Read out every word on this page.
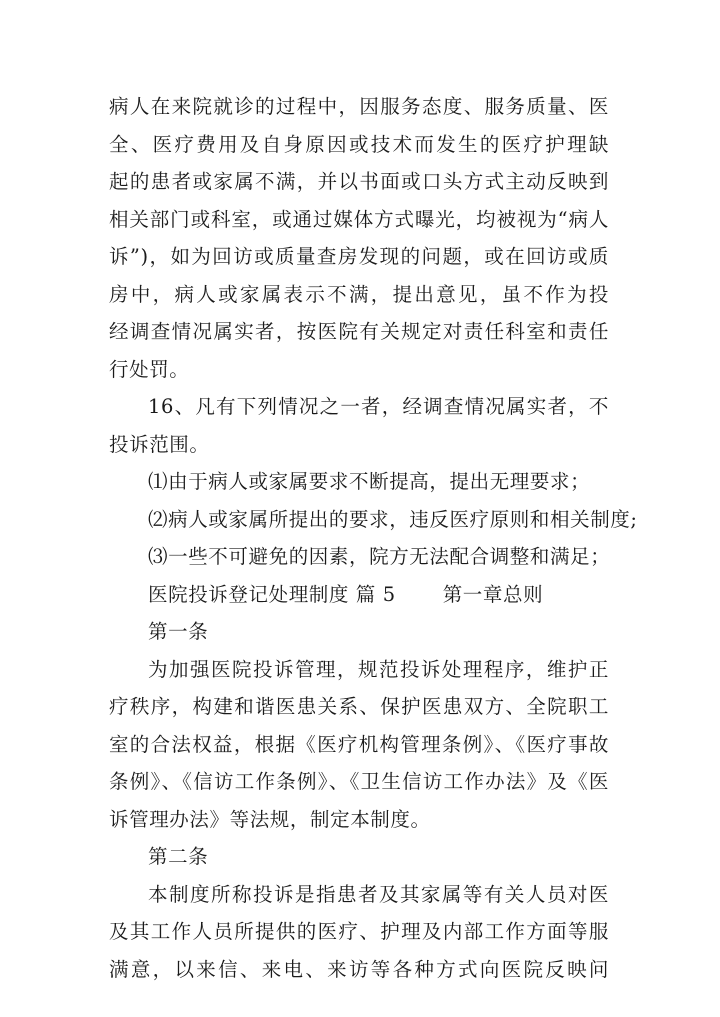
病人在来院就诊的过程中，因服务态度、服务质量、医
全、医疗费用及自身原因或技术而发生的医疗护理缺
起的患者或家属不满，并以书面或口头方式主动反映到
相关部门或科室，或通过媒体方式曝光，均被视为“病人
诉”)，如为回访或质量查房发现的问题，或在回访或质
房中，病人或家属表示不满，提出意见，虽不作为投
经调查情况属实者，按医院有关规定对责任科室和责任
行处罚。
16、凡有下列情况之一者，经调查情况属实者，不
投诉范围。
⑴由于病人或家属要求不断提高，提出无理要求；
⑵病人或家属所提出的要求，违反医疗原则和相关制度;
⑶一些不可避免的因素，院方无法配合调整和满足；
医院投诉登记处理制度 篇 5　　 第一章总则
第一条
为加强医院投诉管理，规范投诉处理程序，维护正
疗秩序，构建和谐医患关系、保护医患双方、全院职工
室的合法权益，根据《医疗机构管理条例》、《医疗事故
条例》、《信访工作条例》、《卫生信访工作办法》及《医
诉管理办法》等法规，制定本制度。
第二条
本制度所称投诉是指患者及其家属等有关人员对医
及其工作人员所提供的医疗、护理及内部工作方面等服
满意，以来信、来电、来访等各种方式向医院反映问
